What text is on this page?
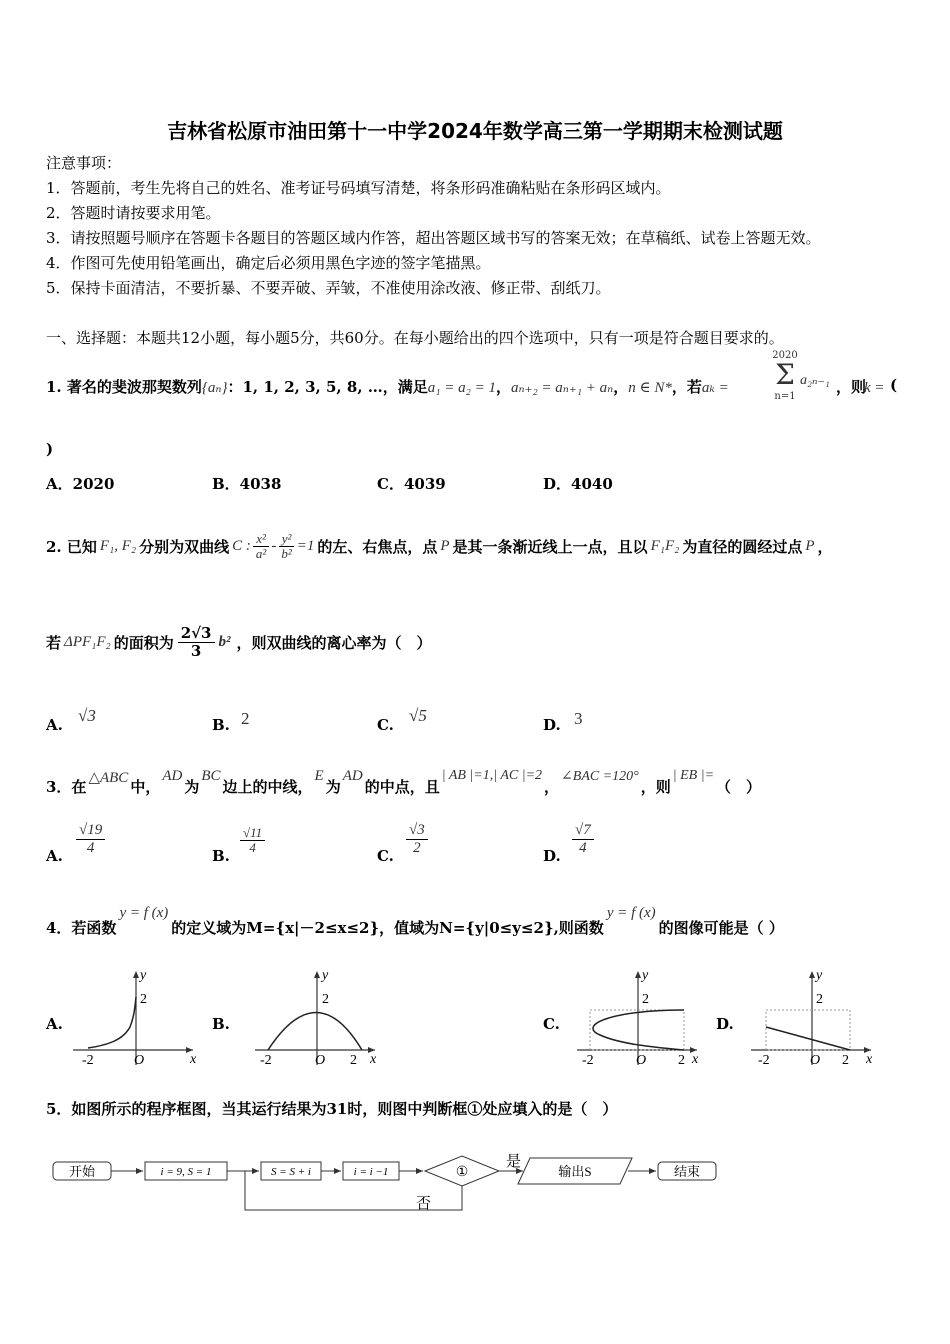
吉林省松原市油田第十一中学2024年数学高三第一学期期末检测试题
注意事项：
1．答题前，考生先将自己的姓名、准考证号码填写清楚，将条形码准确粘贴在条形码区域内。
2．答题时请按要求用笔。
3．请按照题号顺序在答题卡各题目的答题区域内作答，超出答题区域书写的答案无效；在草稿纸、试卷上答题无效。
4．作图可先使用铅笔画出，确定后必须用黑色字迹的签字笔描黑。
5．保持卡面清洁，不要折暴、不要弄破、弄皱，不准使用涂改液、修正带、刮纸刀。
一、选择题：本题共12小题，每小题5分，共60分。在每小题给出的四个选项中，只有一项是符合题目要求的。
1. 著名的斐波那契数列{aₙ}：1, 1, 2, 3, 5, 8, …，满足a₁ = a₂ = 1，aₙ₊₂ = aₙ₊₁ + aₙ，n ∈ N*，若aₖ =
2020
Σ
n=1
a₂ₙ₋₁ ，则
k = (
)
A．2020	B．4038	C．4039	D．4040
2. 已知 F₁, F₂ 分别为双曲线 C : $\frac{\text{x²}}{\text{a²}} - \frac{\text{y²}}{\text{b²}} =1$ 的左、右焦点，点 P 是其一条渐近线上一点，且以 F₁F₂ 为直径的圆经过点 P ，
若 ΔPF₁F₂ 的面积为 $\frac{2√3}{3} b^2$ ，则双曲线的离心率为（　）
A. √3	B. 2	C. √5	D. 3
3．在 △ABC 中，
AD
为
BC
边上的中线，
E
为
AD
的中点，且
| AB |=1,| AC |=2
，
∠BAC =120°
，则
| EB |=
（　）
A. $\frac{√19}{4}$	B.
$\frac{√11}{4}$
C. $\frac{√3}{2}$	D. $\frac{√7}{4}$
4．若函数
y = f (x)
的定义域为M={x|－2≤x≤2}，值域为N={y|0≤y≤2},则函数
y = f (x)
的图像可能是（ ）
A.	B.	C.	D.
y
2
-2	O	x
y
2
-2	O 2 x
y
2
-2	O 2 x
y
2
-2	O 2 x
5．如图所示的程序框图，当其运行结果为31时，则图中判断框①处应填入的是（　）
开始	i = 9, S = 1	S = S + i	i = i −1	①
是
输出S	结束
否
